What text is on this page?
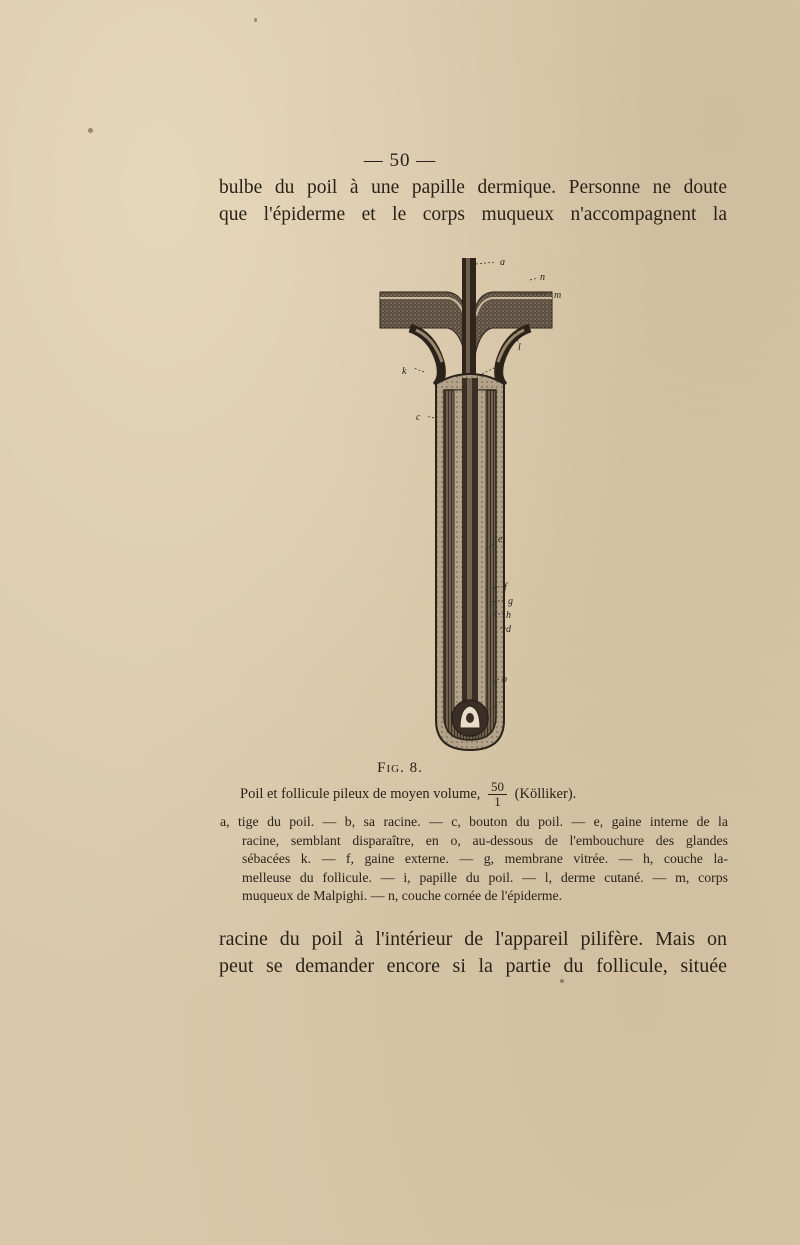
— 50 —

bulbe du poil à une papille dermique. Personne ne doute

que l'épiderme et le corps muqueux n'accompagnent la

a
n
m
l
k	b
c
e
f
g
h
d
o
i
Fig. 8.
Poil et follicule pileux de moyen volume, $\frac{50}{1}$ (Kölliker).

a, tige du poil. — b, sa racine. — c, bouton du poil. — e, gaine interne de la
racine, semblant disparaître, en o, au-dessous de l'embouchure des glandes
sébacées k. — f, gaine externe. — g, membrane vitrée. — h, couche la-
melleuse du follicule. — i, papille du poil. — l, derme cutané. — m, corps
muqueux de Malpighi. — n, couche cornée de l'épiderme.

racine du poil à l'intérieur de l'appareil pilifère. Mais on

peut se demander encore si la partie du follicule, située
